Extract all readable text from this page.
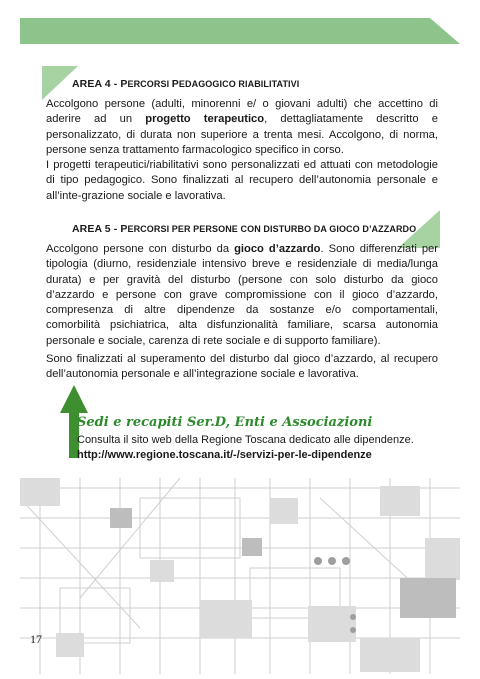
AREA 4 - PERCORSI PEDAGOGICO RIABILITATIVI
Accolgono persone (adulti, minorenni e/ o giovani adulti) che accettino di aderire ad un progetto terapeutico, dettagliatamente descritto e personalizzato, di durata non superiore a trenta mesi. Accolgono, di norma, persone senza trattamento farmacologico specifico in corso.
I progetti terapeutici/riabilitativi sono personalizzati ed attuati con metodologie di tipo pedagogico. Sono finalizzati al recupero dell’autonomia personale e all’inte-grazione sociale e lavorativa.
AREA 5 - PERCORSI PER PERSONE CON DISTURBO DA GIOCO D’AZZARDO
Accolgono persone con disturbo da gioco d’azzardo. Sono differenziati per tipologia (diurno, residenziale intensivo breve e residenziale di media/lunga durata) e per gravità del disturbo (persone con solo disturbo da gioco d’azzardo e persone con grave compromissione con il gioco d’azzardo, compresenza di altre dipendenze da sostanze e/o comportamentali, comorbilità psichiatrica, alta disfunzionalità familiare, scarsa autonomia personale e sociale, carenza di rete sociale e di supporto familiare).
Sono finalizzati al superamento del disturbo dal gioco d’azzardo, al recupero dell’autonomia personale e all’integrazione sociale e lavorativa.
Sedi e recapiti Ser.D, Enti e Associazioni
Consulta il sito web della Regione Toscana dedicato alle dipendenze.
http://www.regione.toscana.it/-/servizi-per-le-dipendenze
17
